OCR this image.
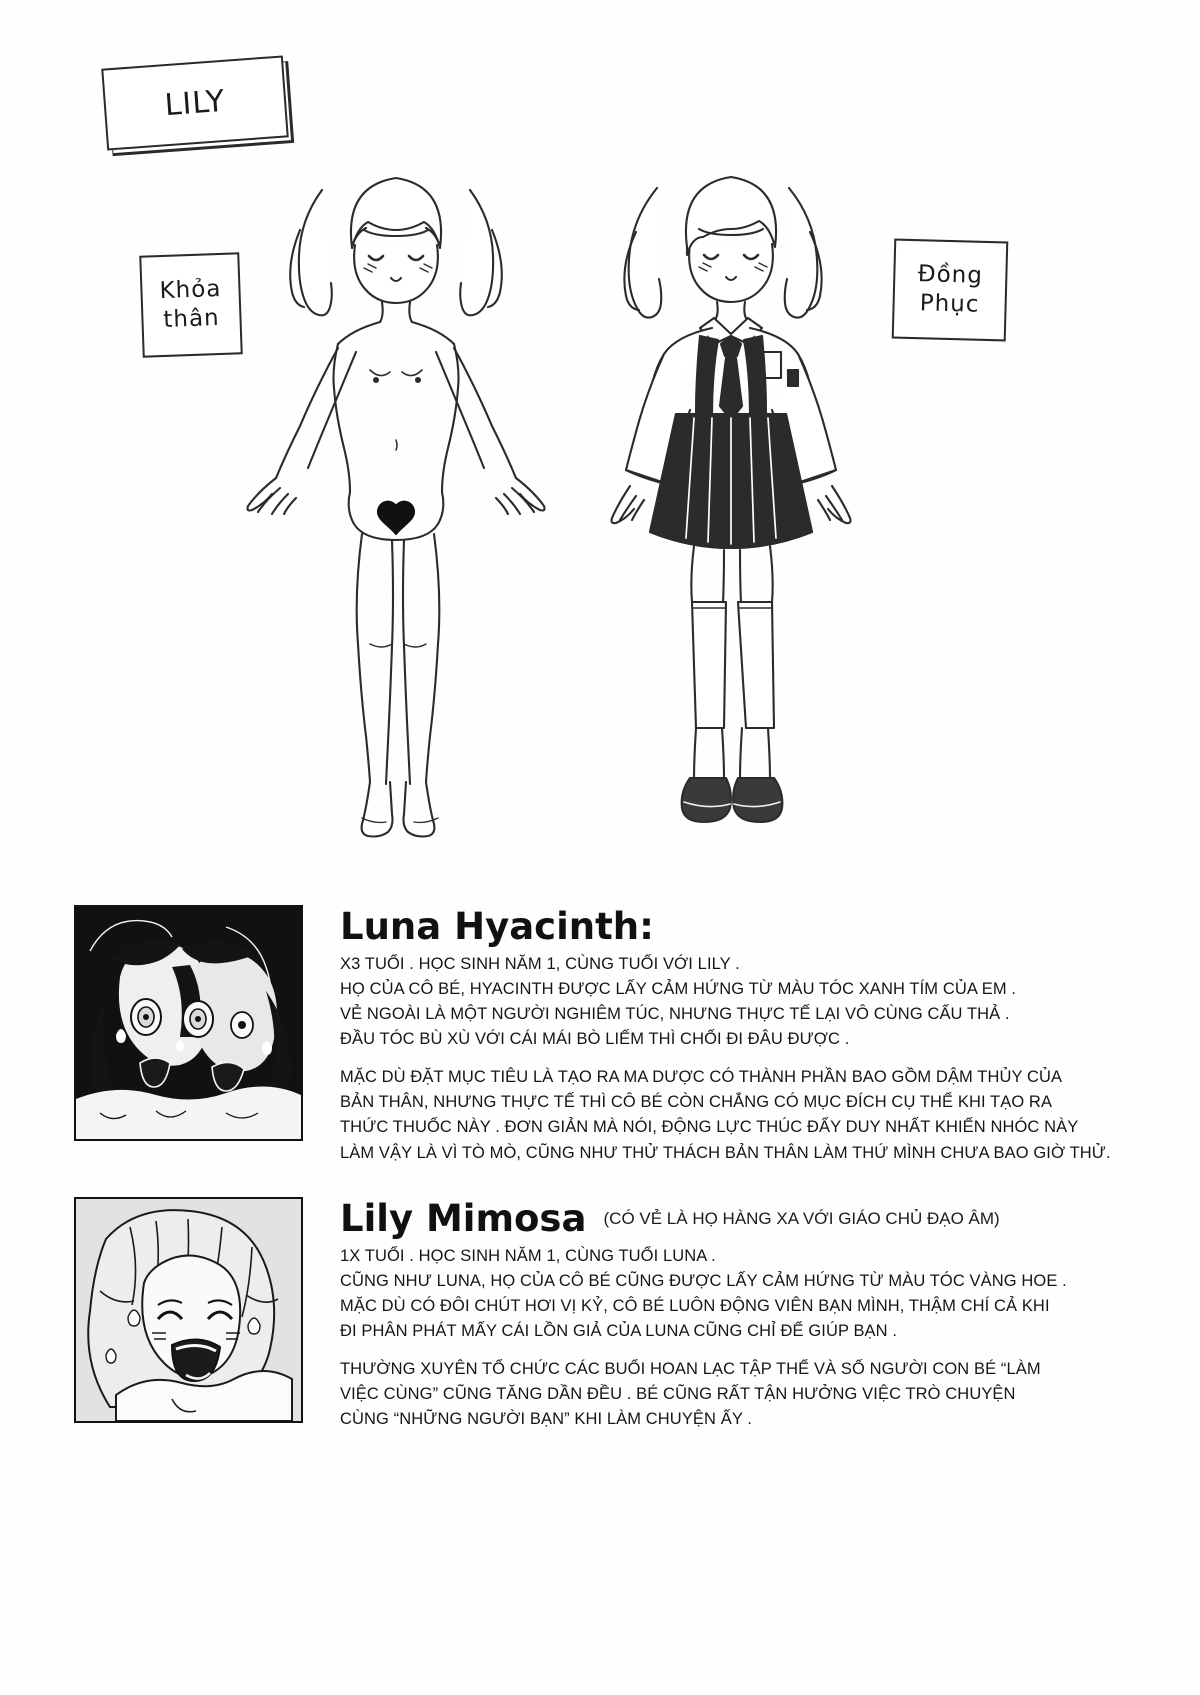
LILY
Khỏa
thân
Đồng
Phục
Luna Hyacinth:
X3 TUỔI . HỌC SINH NĂM 1, CÙNG TUỔI VỚI LILY .
HỌ CỦA CÔ BÉ, HYACINTH ĐƯỢC LẤY CẢM HỨNG TỪ MÀU TÓC XANH TÍM CỦA EM .
VẺ NGOÀI LÀ MỘT NGƯỜI NGHIÊM TÚC, NHƯNG THỰC TẾ LẠI VÔ CÙNG CẨU THẢ .
ĐẦU TÓC BÙ XÙ VỚI CÁI MÁI BÒ LIẾM THÌ CHỐI ĐI ĐÂU ĐƯỢC .
MẶC DÙ ĐẶT MỤC TIÊU LÀ TẠO RA MA DƯỢC CÓ THÀNH PHẦN BAO GỒM DẬM THỦY CỦA
BẢN THÂN, NHƯNG THỰC TẾ THÌ CÔ BÉ CÒN CHẲNG CÓ MỤC ĐÍCH CỤ THỂ KHI TẠO RA
THỨC THUỐC NÀY . ĐƠN GIẢN MÀ NÓI, ĐỘNG LỰC THÚC ĐẨY DUY NHẤT KHIẾN NHÓC NÀY
LÀM VẬY LÀ VÌ TÒ MÒ, CŨNG NHƯ THỬ THÁCH BẢN THÂN LÀM THỨ MÌNH CHƯA BAO GIỜ THỬ.
Lily Mimosa (CÓ VẺ LÀ HỌ HÀNG XA VỚI GIÁO CHỦ ĐẠO ÂM)
1X TUỔI . HỌC SINH NĂM 1, CÙNG TUỔI LUNA .
CŨNG NHƯ LUNA, HỌ CỦA CÔ BÉ CŨNG ĐƯỢC LẤY CẢM HỨNG TỪ MÀU TÓC VÀNG HOE .
MẶC DÙ CÓ ĐÔI CHÚT HƠI VỊ KỶ, CÔ BÉ LUÔN ĐỘNG VIÊN BẠN MÌNH, THẬM CHÍ CẢ KHI
ĐI PHÂN PHÁT MẤY CÁI LỒN GIẢ CỦA LUNA CŨNG CHỈ ĐỂ GIÚP BẠN .
THƯỜNG XUYÊN TỔ CHỨC CÁC BUỔI HOAN LẠC TẬP THỂ VÀ SỐ NGƯỜI CON BÉ “LÀM
VIỆC CÙNG” CŨNG TĂNG DẦN ĐỀU . BÉ CŨNG RẤT TẬN HƯỞNG VIỆC TRÒ CHUYỆN
CÙNG “NHỮNG NGƯỜI BẠN” KHI LÀM CHUYỆN ẤY .
